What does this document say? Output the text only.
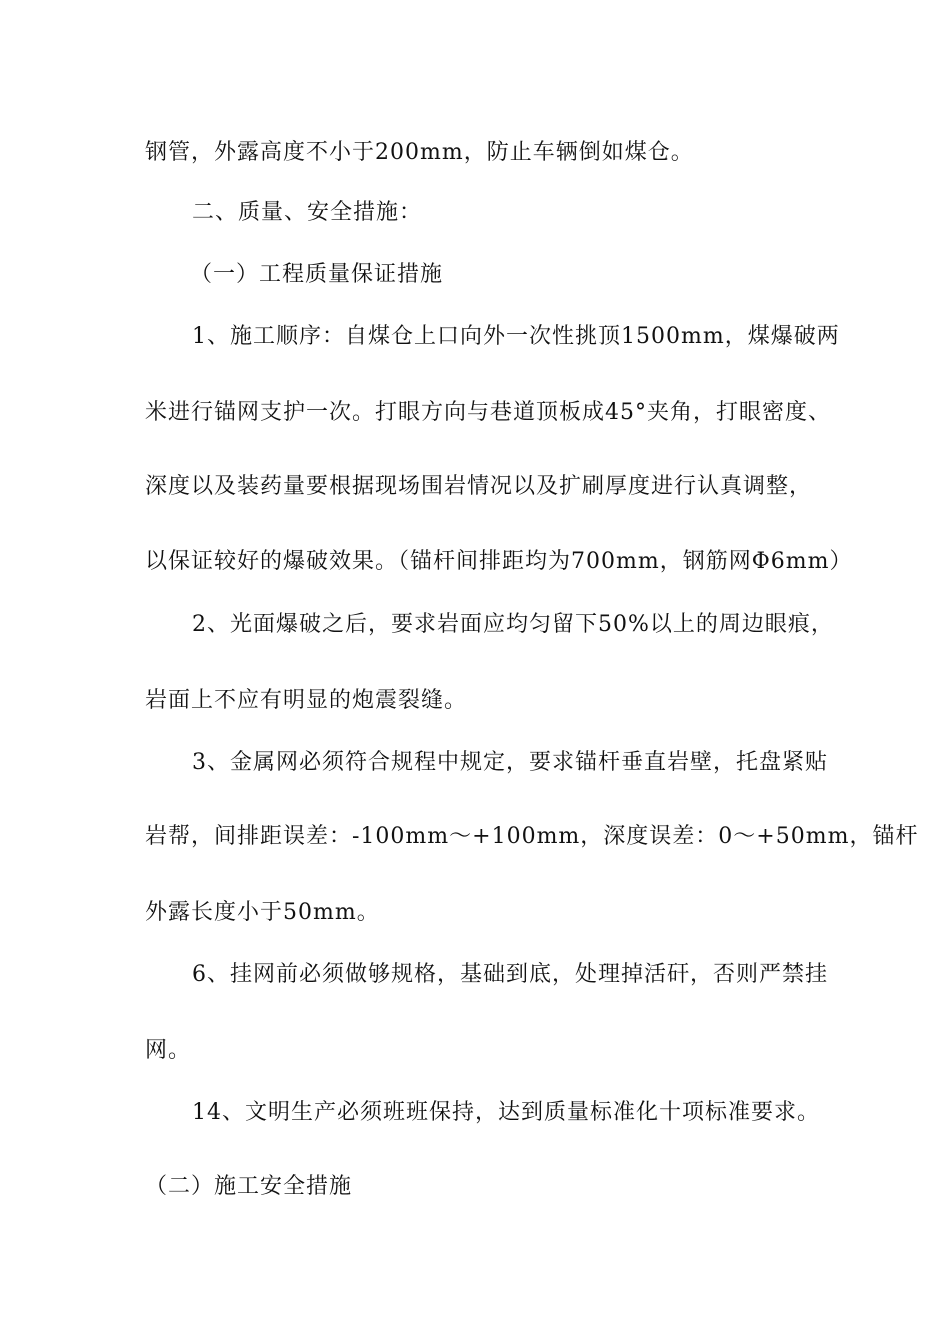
钢管，外露高度不小于200mm，防止车辆倒如煤仓。
二、质量、安全措施：
（一）工程质量保证措施
1、施工顺序：自煤仓上口向外一次性挑顶1500mm，煤爆破两
米进行锚网支护一次。打眼方向与巷道顶板成45°夹角，打眼密度、
深度以及装药量要根据现场围岩情况以及扩刷厚度进行认真调整，
以保证较好的爆破效果。（锚杆间排距均为700mm，钢筋网Φ6mm）
2、光面爆破之后，要求岩面应均匀留下50%以上的周边眼痕，
岩面上不应有明显的炮震裂缝。
3、金属网必须符合规程中规定，要求锚杆垂直岩壁，托盘紧贴
岩帮，间排距误差：-100mm～+100mm，深度误差：0～+50mm，锚杆
外露长度小于50mm。
6、挂网前必须做够规格，基础到底，处理掉活矸，否则严禁挂
网。
14、文明生产必须班班保持，达到质量标准化十项标准要求。
（二）施工安全措施
